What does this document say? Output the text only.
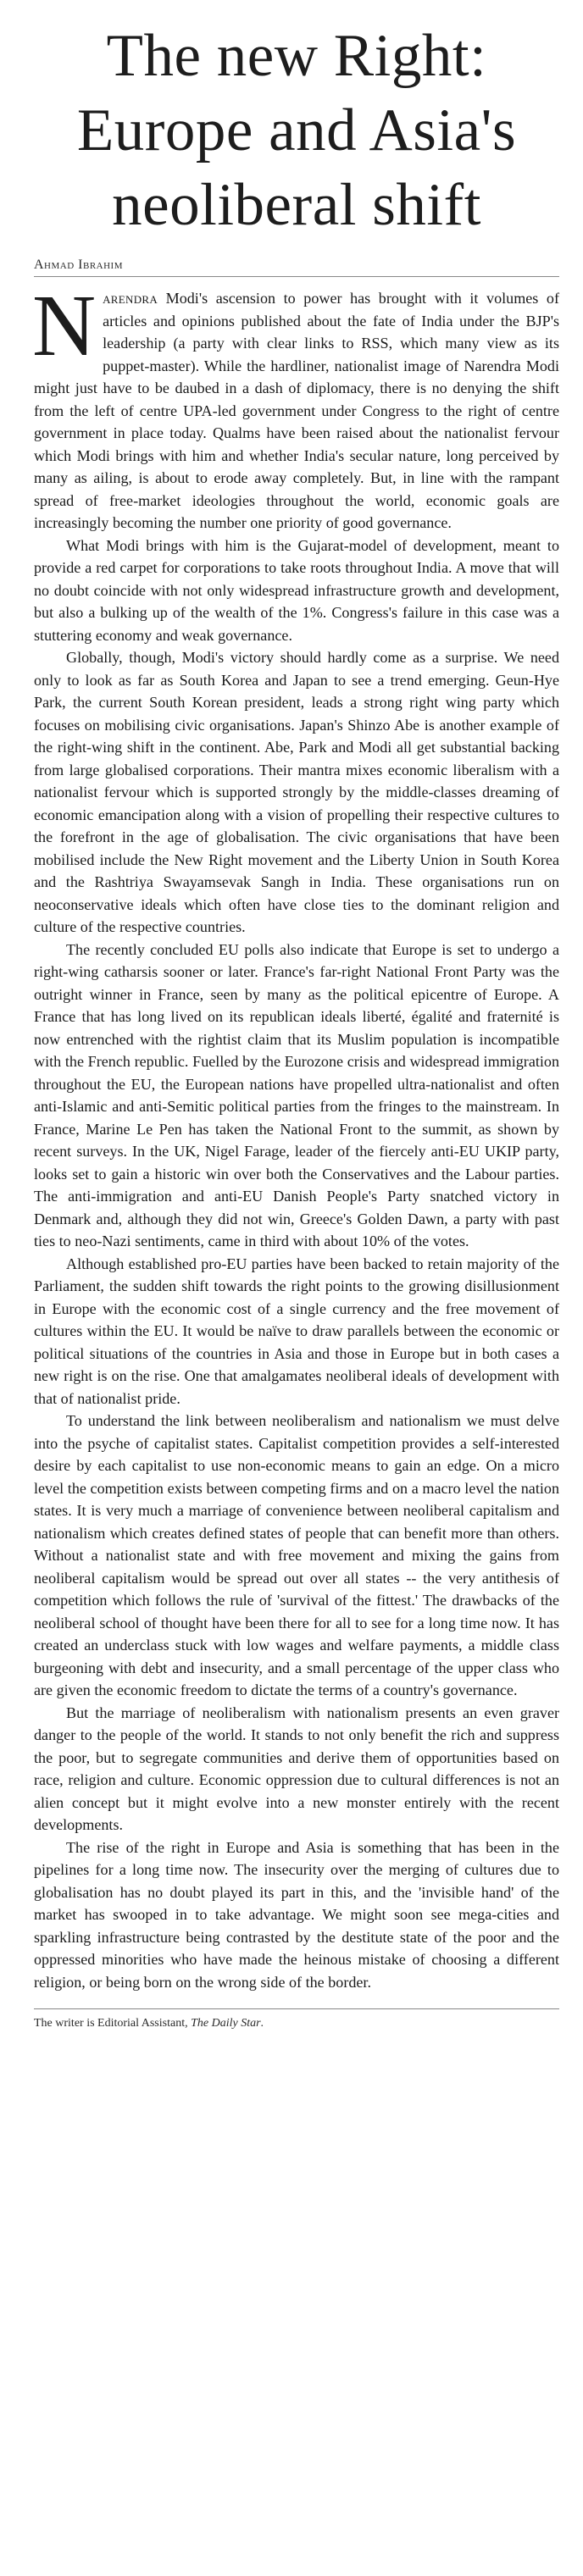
The new Right:
Europe and Asia's
neoliberal shift
Ahmad Ibrahim

Narendra Modi's ascension to power has brought with it volumes of articles and opinions published about the fate of India under the BJP's leadership (a party with clear links to RSS, which many view as its puppet-master). While the hardliner, nationalist image of Narendra Modi might just have to be daubed in a dash of diplomacy, there is no denying the shift from the left of centre UPA-led government under Congress to the right of centre government in place today. Qualms have been raised about the nationalist fervour which Modi brings with him and whether India's secular nature, long perceived by many as ailing, is about to erode away completely. But, in line with the rampant spread of free-market ideologies throughout the world, economic goals are increasingly becoming the number one priority of good governance.

What Modi brings with him is the Gujarat-model of development, meant to provide a red carpet for corporations to take roots throughout India. A move that will no doubt coincide with not only widespread infrastructure growth and development, but also a bulking up of the wealth of the 1%. Congress's failure in this case was a stuttering economy and weak governance.

Globally, though, Modi's victory should hardly come as a surprise. We need only to look as far as South Korea and Japan to see a trend emerging. Geun-Hye Park, the current South Korean president, leads a strong right wing party which focuses on mobilising civic organisations. Japan's Shinzo Abe is another example of the right-wing shift in the continent. Abe, Park and Modi all get substantial backing from large globalised corporations. Their mantra mixes economic liberalism with a nationalist fervour which is supported strongly by the middle-classes dreaming of economic emancipation along with a vision of propelling their respective cultures to the forefront in the age of globalisation. The civic organisations that have been mobilised include the New Right movement and the Liberty Union in South Korea and the Rashtriya Swayamsevak Sangh in India. These organisations run on neoconservative ideals which often have close ties to the dominant religion and culture of the respective countries.

The recently concluded EU polls also indicate that Europe is set to undergo a right-wing catharsis sooner or later. France's far-right National Front Party was the outright winner in France, seen by many as the political epicentre of Europe. A France that has long lived on its republican ideals liberté, égalité and fraternité is now entrenched with the rightist claim that its Muslim population is incompatible with the French republic. Fuelled by the Eurozone crisis and widespread immigration throughout the EU, the European nations have propelled ultra-nationalist and often anti-Islamic and anti-Semitic political parties from the fringes to the mainstream. In France, Marine Le Pen has taken the National Front to the summit, as shown by recent surveys. In the UK, Nigel Farage, leader of the fiercely anti-EU UKIP party, looks set to gain a historic win over both the Conservatives and the Labour parties. The anti-immigration and anti-EU Danish People's Party snatched victory in Denmark and, although they did not win, Greece's Golden Dawn, a party with past ties to neo-Nazi sentiments, came in third with about 10% of the votes.

Although established pro-EU parties have been backed to retain majority of the Parliament, the sudden shift towards the right points to the growing disillusionment in Europe with the economic cost of a single currency and the free movement of cultures within the EU. It would be naïve to draw parallels between the economic or political situations of the countries in Asia and those in Europe but in both cases a new right is on the rise. One that amalgamates neoliberal ideals of development with that of nationalist pride.

To understand the link between neoliberalism and nationalism we must delve into the psyche of capitalist states. Capitalist competition provides a self-interested desire by each capitalist to use non-economic means to gain an edge. On a micro level the competition exists between competing firms and on a macro level the nation states. It is very much a marriage of convenience between neoliberal capitalism and nationalism which creates defined states of people that can benefit more than others. Without a nationalist state and with free movement and mixing the gains from neoliberal capitalism would be spread out over all states -- the very antithesis of competition which follows the rule of 'survival of the fittest.' The drawbacks of the neoliberal school of thought have been there for all to see for a long time now. It has created an underclass stuck with low wages and welfare payments, a middle class burgeoning with debt and insecurity, and a small percentage of the upper class who are given the economic freedom to dictate the terms of a country's governance.

But the marriage of neoliberalism with nationalism presents an even graver danger to the people of the world. It stands to not only benefit the rich and suppress the poor, but to segregate communities and derive them of opportunities based on race, religion and culture. Economic oppression due to cultural differences is not an alien concept but it might evolve into a new monster entirely with the recent developments.

The rise of the right in Europe and Asia is something that has been in the pipelines for a long time now. The insecurity over the merging of cultures due to globalisation has no doubt played its part in this, and the 'invisible hand' of the market has swooped in to take advantage. We might soon see mega-cities and sparkling infrastructure being contrasted by the destitute state of the poor and the oppressed minorities who have made the heinous mistake of choosing a different religion, or being born on the wrong side of the border.

The writer is Editorial Assistant, The Daily Star.
